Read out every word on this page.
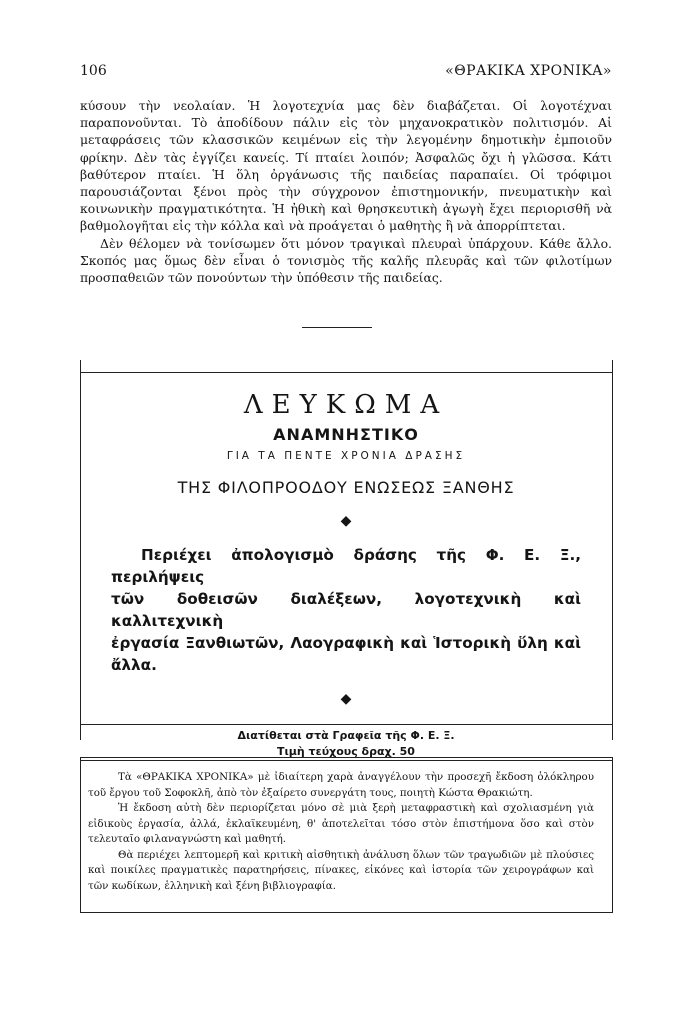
106	«ΘΡΑΚΙΚΑ ΧΡΟΝΙΚΑ»

κύσουν τὴν νεολαίαν. Ἡ λογοτεχνία μας δὲν διαβάζεται. Οἱ λογοτέχναι παραπονοῦνται. Τὸ ἀποδίδουν πάλιν εἰς τὸν μηχανοκρατικὸν πολιτισμόν. Αἱ μεταφράσεις τῶν κλασσικῶν κειμένων εἰς τὴν λεγομένην δημοτικὴν ἐμποιοῦν φρίκην. Δὲν τὰς ἐγγίζει κανείς. Τί πταίει λοιπόν; Ἀσφαλῶς ὄχι ἡ γλῶσσα. Κάτι βαθύτερον πταίει. Ἡ ὅλη ὀργάνωσις τῆς παιδείας παραπαίει. Οἱ τρόφιμοι παρουσιάζονται ξένοι πρὸς τὴν σύγχρονον ἐπιστημονικήν, πνευματικὴν καὶ κοινωνικὴν πραγματικότητα. Ἡ ἠθικὴ καὶ θρησκευτικὴ ἀγωγὴ ἔχει περιορισθῆ νὰ βαθμολογῆται εἰς τὴν κόλλα καὶ νὰ προάγεται ὁ μαθητὴς ἢ νὰ ἀπορρίπτεται.

Δὲν θέλομεν νὰ τονίσωμεν ὅτι μόνον τραγικαὶ πλευραὶ ὑπάρχουν. Κάθε ἄλλο. Σκοπός μας ὅμως δὲν εἶναι ὁ τονισμὸς τῆς καλῆς πλευρᾶς καὶ τῶν φιλοτίμων προσπαθειῶν τῶν πονούντων τὴν ὑπόθεσιν τῆς παιδείας.

ΛΕΥΚΩΜΑ
ΑΝΑΜΝΗΣΤΙΚΟ
ΓΙΑ ΤΑ ΠΕΝΤΕ ΧΡΟΝΙΑ ΔΡΑΣΗΣ
ΤΗΣ ΦΙΛΟΠΡΟΟΔΟΥ ΕΝΩΣΕΩΣ ΞΑΝΘΗΣ
◆
Περιέχει ἀπολογισμὸ δράσης τῆς Φ. Ε. Ξ., περιλήψεις
τῶν δοθεισῶν διαλέξεων, λογοτεχνικὴ καὶ καλλιτεχνικὴ
ἐργασία Ξανθιωτῶν, Λαογραφικὴ καὶ Ἱστορικὴ ὕλη καὶ ἄλλα.
◆
Διατίθεται στὰ Γραφεῖα τῆς Φ. Ε. Ξ.
Τιμὴ τεύχους δραχ. 50

Τὰ «ΘΡΑΚΙΚΑ ΧΡΟΝΙΚΑ» μὲ ἰδιαίτερη χαρὰ ἀναγγέλουν τὴν προσεχῆ ἔκδοση ὁλόκληρου τοῦ ἔργου τοῦ Σοφοκλῆ, ἀπὸ τὸν ἐξαίρετο συνεργάτη τους, ποιητὴ Κώστα Θρακιώτη.

Ἡ ἔκδοση αὐτὴ δὲν περιορίζεται μόνο σὲ μιὰ ξερὴ μεταφραστικὴ καὶ σχολιασμένη γιὰ εἰδικοὺς ἐργασία, ἀλλά, ἐκλαϊκευμένη, θ' ἀποτελεῖται τόσο στὸν ἐπιστήμονα ὅσο καὶ στὸν τελευταῖο φιλαναγνώστη καὶ μαθητή.

Θὰ περιέχει λεπτομερῆ καὶ κριτικὴ αἰσθητικὴ ἀνάλυση ὅλων τῶν τραγωδιῶν μὲ πλούσιες καὶ ποικίλες πραγματικὲς παρατηρήσεις, πίνακες, εἰκόνες καὶ ἱστορία τῶν χειρογράφων καὶ τῶν κωδίκων, ἑλληνικὴ καὶ ξένη βιβλιογραφία.
